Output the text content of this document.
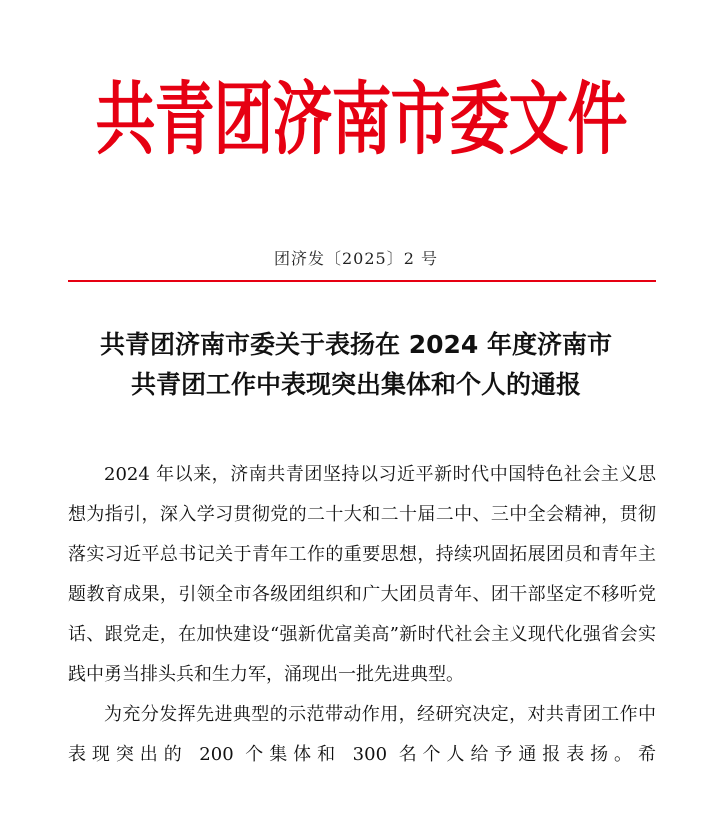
共青团济南市委文件
团济发〔2025〕2 号
共青团济南市委关于表扬在 2024 年度济南市
共青团工作中表现突出集体和个人的通报

2024 年以来，济南共青团坚持以习近平新时代中国特色社会主义思想为指引，深入学习贯彻党的二十大和二十届二中、三中全会精神，贯彻落实习近平总书记关于青年工作的重要思想，持续巩固拓展团员和青年主题教育成果，引领全市各级团组织和广大团员青年、团干部坚定不移听党话、跟党走，在加快建设“强新优富美高”新时代社会主义现代化强省会实践中勇当排头兵和生力军，涌现出一批先进典型。

为充分发挥先进典型的示范带动作用，经研究决定，对共青团工作中表现突出的 200 个集体和 300 名个人给予通报表扬。希
